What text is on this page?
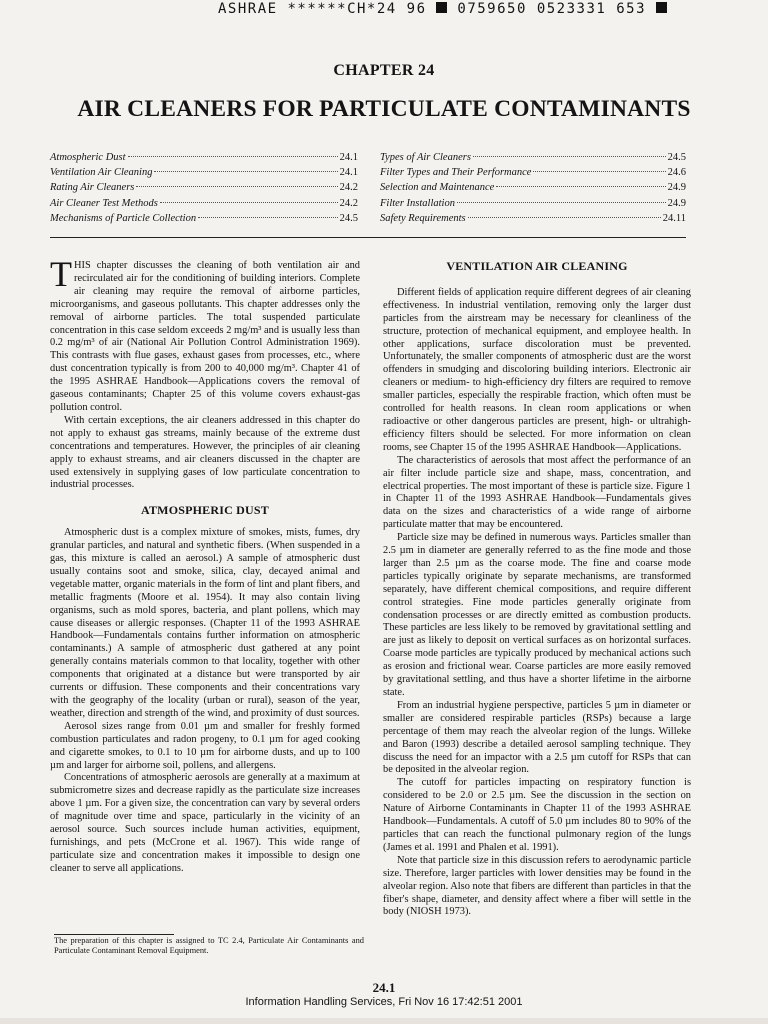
ASHRAE ******CH*24 96 0759650 0523331 653
CHAPTER 24
AIR CLEANERS FOR PARTICULATE CONTAMINANTS
Atmospheric Dust	24.1
Ventilation Air Cleaning	24.1
Rating Air Cleaners	24.2
Air Cleaner Test Methods	24.2
Mechanisms of Particle Collection	24.5
Types of Air Cleaners	24.5
Filter Types and Their Performance	24.6
Selection and Maintenance	24.9
Filter Installation	24.9
Safety Requirements	24.11

THIS chapter discusses the cleaning of both ventilation air and recirculated air for the conditioning of building interiors. Complete air cleaning may require the removal of airborne particles, microorganisms, and gaseous pollutants. This chapter addresses only the removal of airborne particles. The total suspended particulate concentration in this case seldom exceeds 2 mg/m³ and is usually less than 0.2 mg/m³ of air (National Air Pollution Control Administration 1969). This contrasts with flue gases, exhaust gases from processes, etc., where dust concentration typically is from 200 to 40,000 mg/m³. Chapter 41 of the 1995 ASHRAE Handbook—Applications covers the removal of gaseous contaminants; Chapter 25 of this volume covers exhaust-gas pollution control.

With certain exceptions, the air cleaners addressed in this chapter do not apply to exhaust gas streams, mainly because of the extreme dust concentrations and temperatures. However, the principles of air cleaning apply to exhaust streams, and air cleaners discussed in the chapter are used extensively in supplying gases of low particulate concentration to industrial processes.

ATMOSPHERIC DUST

Atmospheric dust is a complex mixture of smokes, mists, fumes, dry granular particles, and natural and synthetic fibers. (When suspended in a gas, this mixture is called an aerosol.) A sample of atmospheric dust usually contains soot and smoke, silica, clay, decayed animal and vegetable matter, organic materials in the form of lint and plant fibers, and metallic fragments (Moore et al. 1954). It may also contain living organisms, such as mold spores, bacteria, and plant pollens, which may cause diseases or allergic responses. (Chapter 11 of the 1993 ASHRAE Handbook—Fundamentals contains further information on atmospheric contaminants.) A sample of atmospheric dust gathered at any point generally contains materials common to that locality, together with other components that originated at a distance but were transported by air currents or diffusion. These components and their concentrations vary with the geography of the locality (urban or rural), season of the year, weather, direction and strength of the wind, and proximity of dust sources.

Aerosol sizes range from 0.01 µm and smaller for freshly formed combustion particulates and radon progeny, to 0.1 µm for aged cooking and cigarette smokes, to 0.1 to 10 µm for airborne dusts, and up to 100 µm and larger for airborne soil, pollens, and allergens.

Concentrations of atmospheric aerosols are generally at a maximum at submicrometre sizes and decrease rapidly as the particulate size increases above 1 µm. For a given size, the concentration can vary by several orders of magnitude over time and space, particularly in the vicinity of an aerosol source. Such sources include human activities, equipment, furnishings, and pets (McCrone et al. 1967). This wide range of particulate size and concentration makes it impossible to design one cleaner to serve all applications.

The preparation of this chapter is assigned to TC 2.4, Particulate Air Contaminants and Particulate Contaminant Removal Equipment.
VENTILATION AIR CLEANING

Different fields of application require different degrees of air cleaning effectiveness. In industrial ventilation, removing only the larger dust particles from the airstream may be necessary for cleanliness of the structure, protection of mechanical equipment, and employee health. In other applications, surface discoloration must be prevented. Unfortunately, the smaller components of atmospheric dust are the worst offenders in smudging and discoloring building interiors. Electronic air cleaners or medium- to high-efficiency dry filters are required to remove smaller particles, especially the respirable fraction, which often must be controlled for health reasons. In clean room applications or when radioactive or other dangerous particles are present, high- or ultrahigh-efficiency filters should be selected. For more information on clean rooms, see Chapter 15 of the 1995 ASHRAE Handbook—Applications.

The characteristics of aerosols that most affect the performance of an air filter include particle size and shape, mass, concentration, and electrical properties. The most important of these is particle size. Figure 1 in Chapter 11 of the 1993 ASHRAE Handbook—Fundamentals gives data on the sizes and characteristics of a wide range of airborne particulate matter that may be encountered.

Particle size may be defined in numerous ways. Particles smaller than 2.5 µm in diameter are generally referred to as the fine mode and those larger than 2.5 µm as the coarse mode. The fine and coarse mode particles typically originate by separate mechanisms, are transformed separately, have different chemical compositions, and require different control strategies. Fine mode particles generally originate from condensation processes or are directly emitted as combustion products. These particles are less likely to be removed by gravitational settling and are just as likely to deposit on vertical surfaces as on horizontal surfaces. Coarse mode particles are typically produced by mechanical actions such as erosion and frictional wear. Coarse particles are more easily removed by gravitational settling, and thus have a shorter lifetime in the airborne state.

From an industrial hygiene perspective, particles 5 µm in diameter or smaller are considered respirable particles (RSPs) because a large percentage of them may reach the alveolar region of the lungs. Willeke and Baron (1993) describe a detailed aerosol sampling technique. They discuss the need for an impactor with a 2.5 µm cutoff for RSPs that can be deposited in the alveolar region.

The cutoff for particles impacting on respiratory function is considered to be 2.0 or 2.5 µm. See the discussion in the section on Nature of Airborne Contaminants in Chapter 11 of the 1993 ASHRAE Handbook—Fundamentals. A cutoff of 5.0 µm includes 80 to 90% of the particles that can reach the functional pulmonary region of the lungs (James et al. 1991 and Phalen et al. 1991).

Note that particle size in this discussion refers to aerodynamic particle size. Therefore, larger particles with lower densities may be found in the alveolar region. Also note that fibers are different than particles in that the fiber's shape, diameter, and density affect where a fiber will settle in the body (NIOSH 1973).

24.1
Information Handling Services, Fri Nov 16 17:42:51 2001
